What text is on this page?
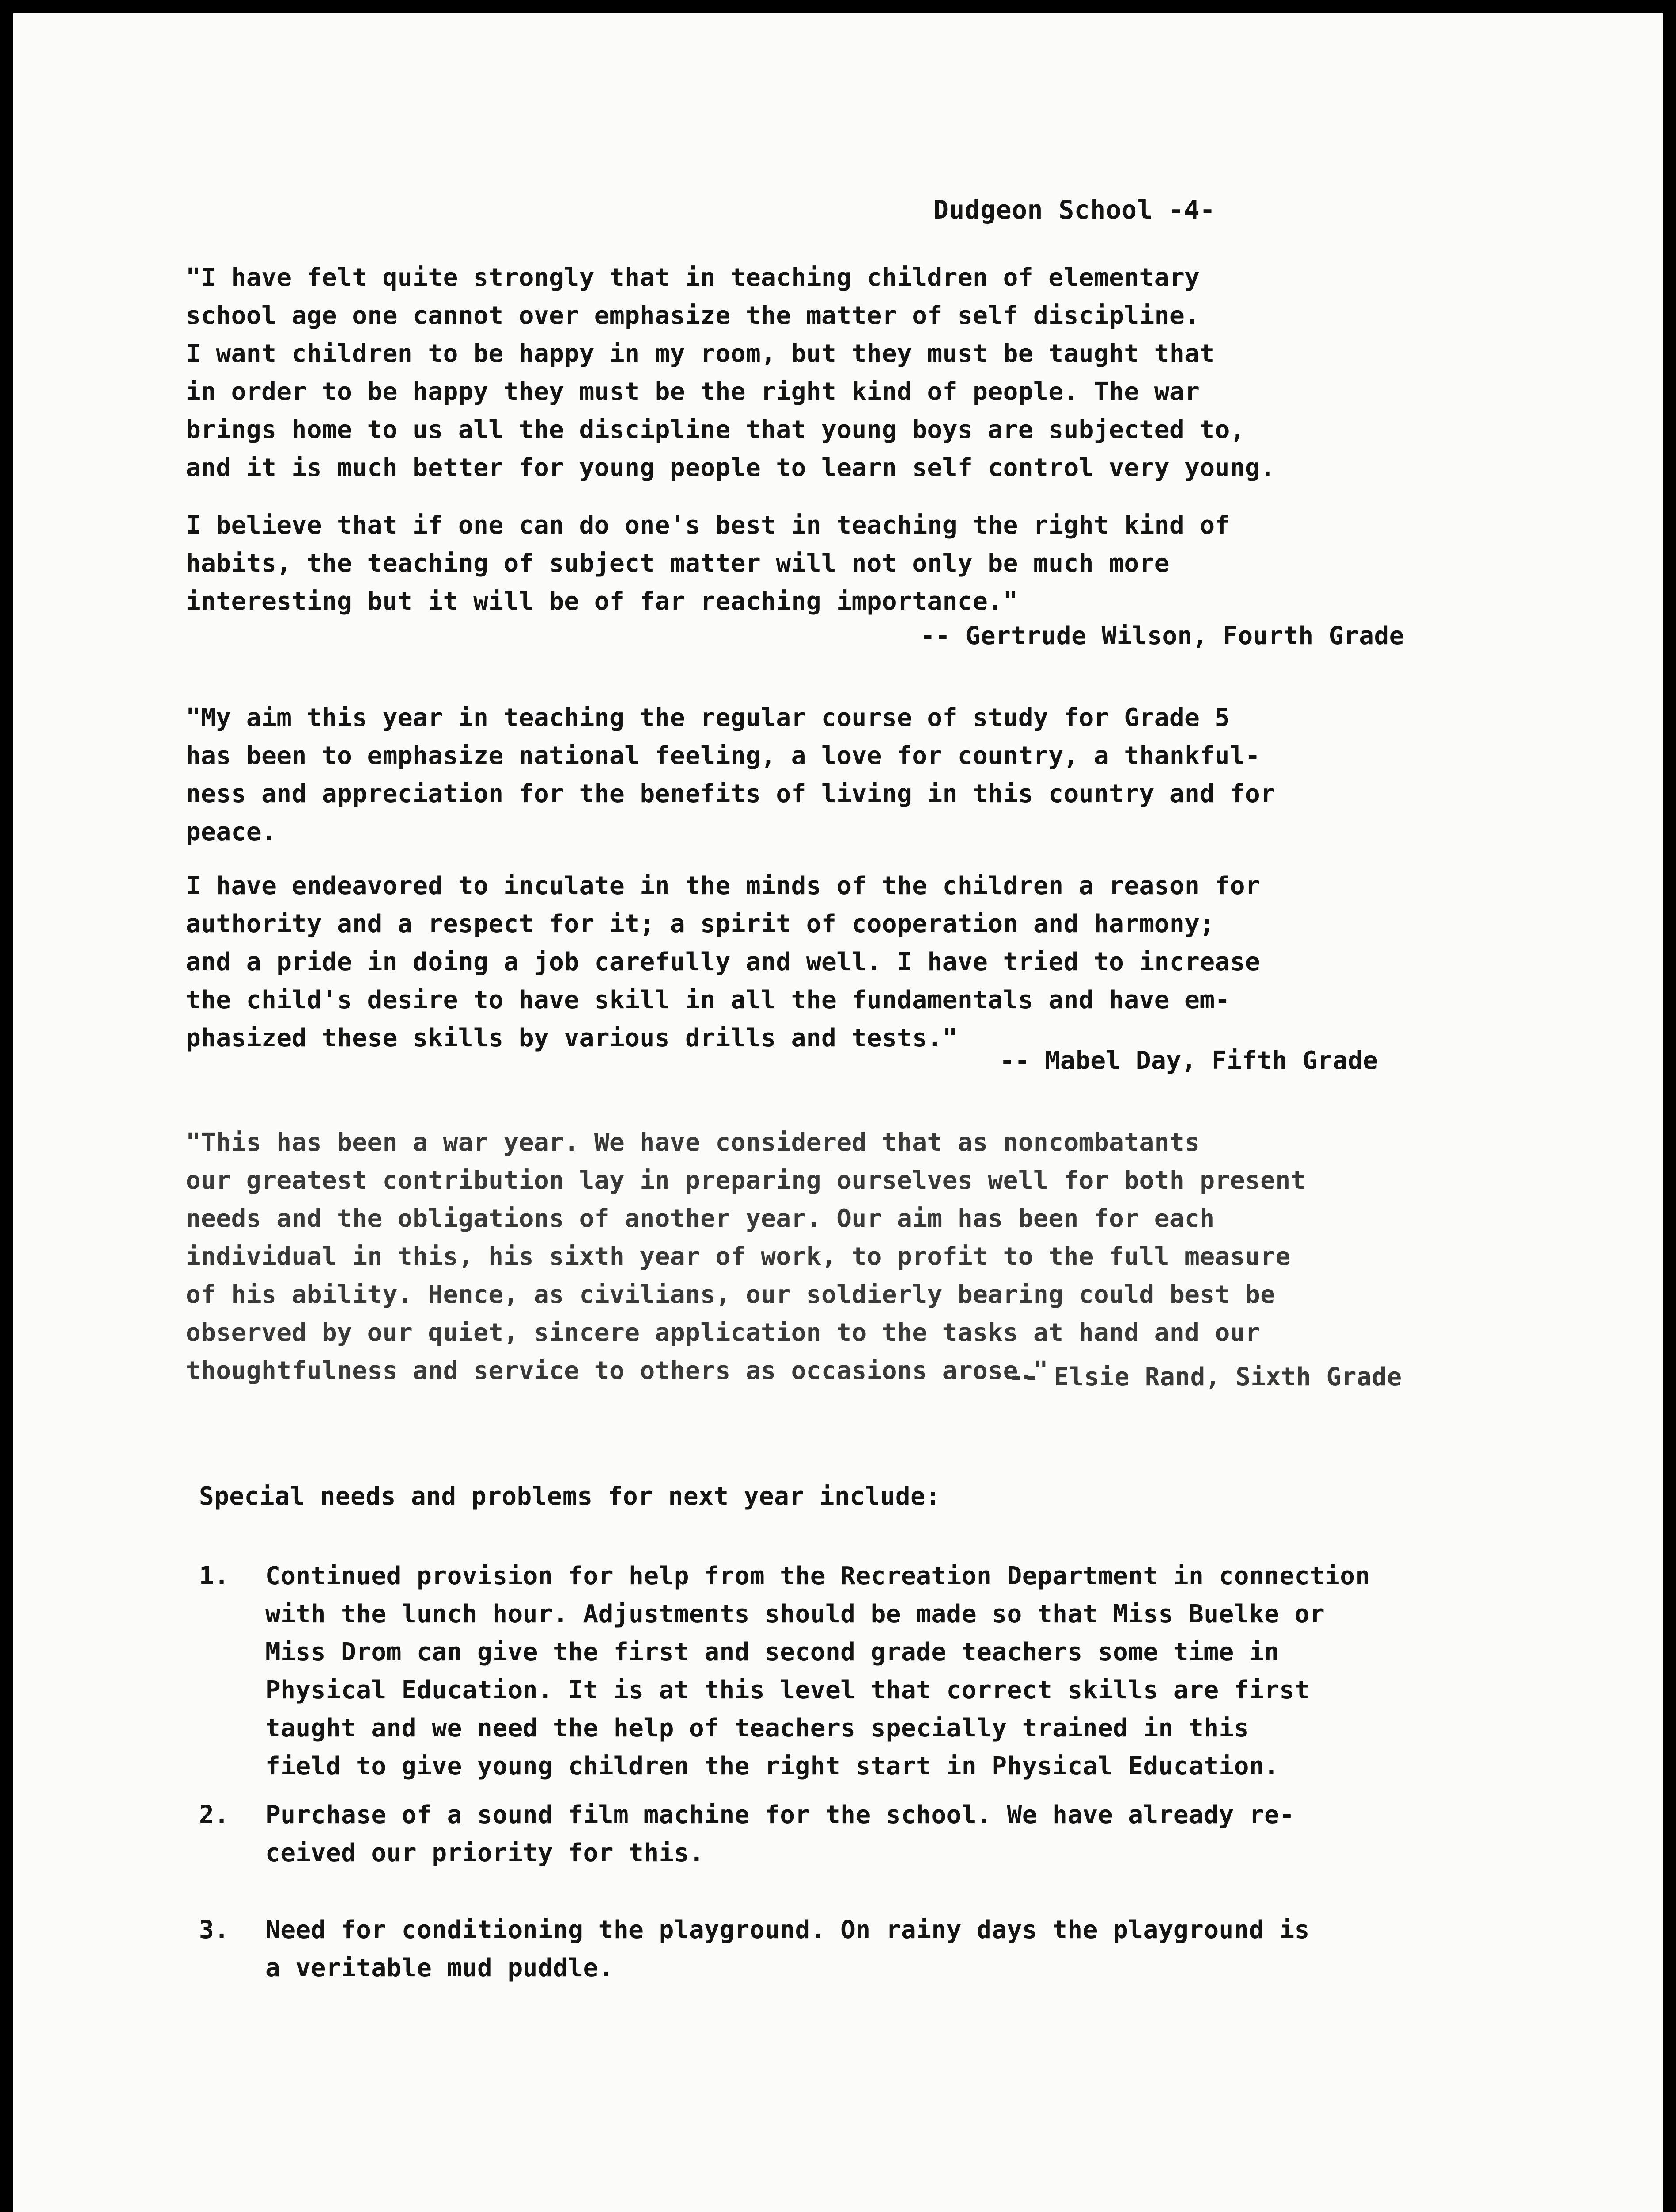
Dudgeon School -4-

"I have felt quite strongly that in teaching children of elementary
school age one cannot over emphasize the matter of self discipline.
I want children to be happy in my room, but they must be taught that
in order to be happy they must be the right kind of people. The war
brings home to us all the discipline that young boys are subjected to,
and it is much better for young people to learn self control very young.

I believe that if one can do one's best in teaching the right kind of
habits, the teaching of subject matter will not only be much more
interesting but it will be of far reaching importance."

-- Gertrude Wilson, Fourth Grade

"My aim this year in teaching the regular course of study for Grade 5
has been to emphasize national feeling, a love for country, a thankful-
ness and appreciation for the benefits of living in this country and for
peace.

I have endeavored to inculate in the minds of the children a reason for
authority and a respect for it; a spirit of cooperation and harmony;
and a pride in doing a job carefully and well. I have tried to increase
the child's desire to have skill in all the fundamentals and have em-
phasized these skills by various drills and tests."

-- Mabel Day, Fifth Grade

"This has been a war year. We have considered that as noncombatants
our greatest contribution lay in preparing ourselves well for both present
needs and the obligations of another year. Our aim has been for each
individual in this, his sixth year of work, to profit to the full measure
of his ability. Hence, as civilians, our soldierly bearing could best be
observed by our quiet, sincere application to the tasks at hand and our
thoughtfulness and service to others as occasions arose."

-- Elsie Rand, Sixth Grade
Special needs and problems for next year include:

1.

Continued provision for help from the Recreation Department in connection
with the lunch hour. Adjustments should be made so that Miss Buelke or
Miss Drom can give the first and second grade teachers some time in
Physical Education. It is at this level that correct skills are first
taught and we need the help of teachers specially trained in this
field to give young children the right start in Physical Education.

2.

Purchase of a sound film machine for the school. We have already re-
ceived our priority for this.

3.

Need for conditioning the playground. On rainy days the playground is
a veritable mud puddle.
